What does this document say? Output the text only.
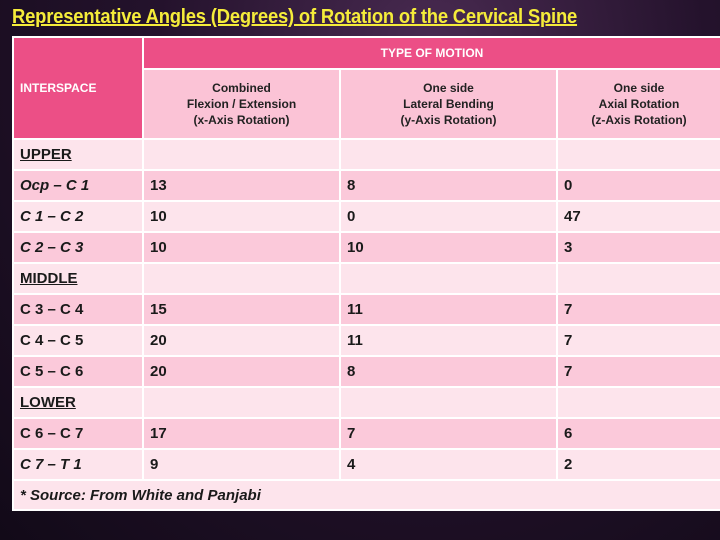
Representative Angles (Degrees) of Rotation of the Cervical Spine
INTERSPACE	TYPE OF MOTION		

	Combined
Flexion / Extension
(x-Axis Rotation)	One side
Lateral Bending
(y-Axis Rotation)	One side
Axial Rotation
(z-Axis Rotation)

UPPER			
Ocp – C 1	13	8	0
C 1 – C 2	10	0	47
C 2 – C 3	10	10	3
MIDDLE			
C 3 – C 4	15	11	7
C 4 – C 5	20	11	7
C 5 – C 6	20	8	7
LOWER			
C 6 – C 7	17	7	6
C 7 – T 1	9	4	2
* Source: From White and Panjabi			
